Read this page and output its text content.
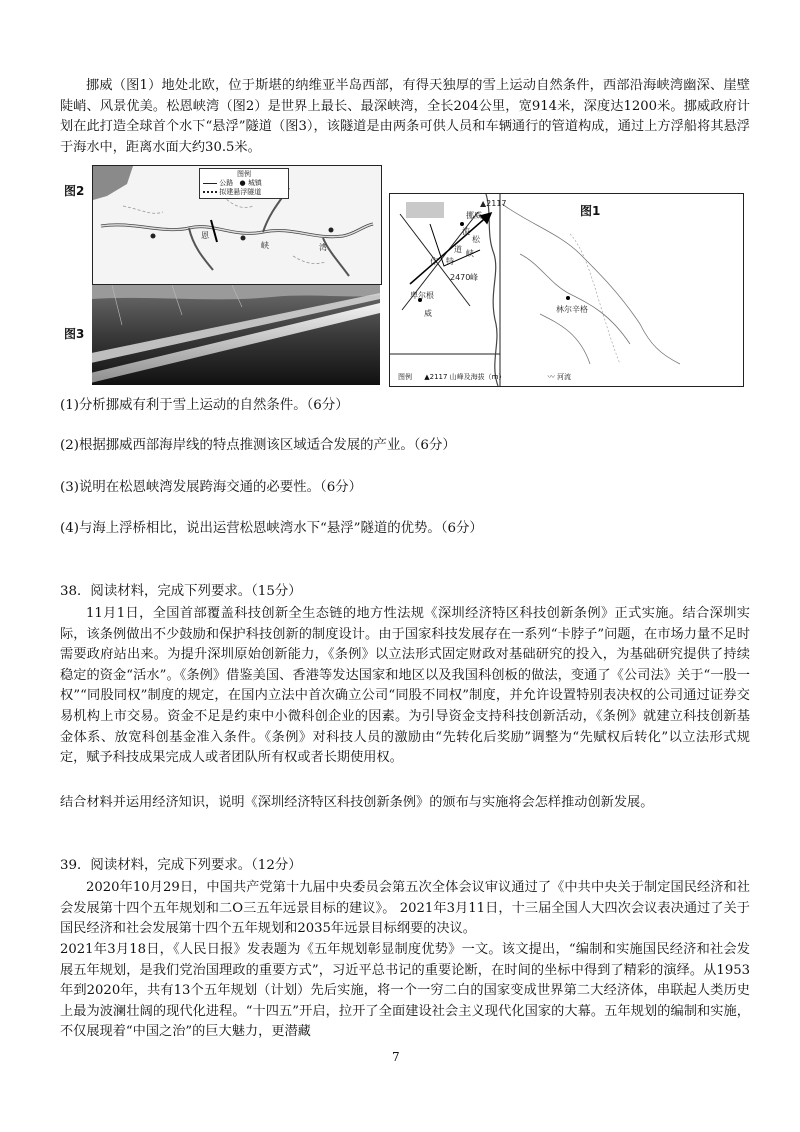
挪威（图1）地处北欧，位于斯堪的纳维亚半岛西部，有得天独厚的雪上运动自然条件，西部沿海峡湾幽深、崖壁陡峭、风景优美。松恩峡湾（图2）是世界上最长、最深峡湾，全长204公里，宽914米，深度达1200米。挪威政府计划在此打造全球首个水下“悬浮”隧道（图3），该隧道是由两条可供人员和车辆通行的管道构成，通过上方浮船将其悬浮于海水中，距离水面大约30.5米。
图2
恩
峡	湾
图例
公路 ● 城镇
拟建悬浮隧道
图3
▲2117
2470 峰
挪威
卑尔根
林尔辛格
流
松
峡
作 特
道
威
图1
图例 ▲2117 山峰及海拔（m）	〰 河流
(1)分析挪威有利于雪上运动的自然条件。（6分）
(2)根据挪威西部海岸线的特点推测该区域适合发展的产业。（6分）
(3)说明在松恩峡湾发展跨海交通的必要性。（6分）
(4)与海上浮桥相比，说出运营松恩峡湾水下“悬浮”隧道的优势。（6分）
38．阅读材料，完成下列要求。（15分）
11月1日，全国首部覆盖科技创新全生态链的地方性法规《深圳经济特区科技创新条例》正式实施。结合深圳实际，该条例做出不少鼓励和保护科技创新的制度设计。由于国家科技发展存在一系列“卡脖子”问题，在市场力量不足时需要政府站出来。为提升深圳原始创新能力，《条例》以立法形式固定财政对基础研究的投入，为基础研究提供了持续稳定的资金“活水”。《条例》借鉴美国、香港等发达国家和地区以及我国科创板的做法，变通了《公司法》关于“一股一权”“同股同权”制度的规定，在国内立法中首次确立公司“同股不同权”制度，并允许设置特别表决权的公司通过证券交易机构上市交易。资金不足是约束中小微科创企业的因素。为引导资金支持科技创新活动，《条例》就建立科技创新基金体系、放宽科创基金准入条件。《条例》对科技人员的激励由“先转化后奖励”调整为“先赋权后转化”以立法形式规定，赋予科技成果完成人或者团队所有权或者长期使用权。
结合材料并运用经济知识，说明《深圳经济特区科技创新条例》的颁布与实施将会怎样推动创新发展。
39．阅读材料，完成下列要求。（12分）
2020年10月29日，中国共产党第十九届中央委员会第五次全体会议审议通过了《中共中央关于制定国民经济和社会发展第十四个五年规划和二O三五年远景目标的建议》。 2021年3月11日，十三届全国人大四次会议表决通过了关于国民经济和社会发展第十四个五年规划和2035年远景目标纲要的决议。
2021年3月18日，《人民日报》发表题为《五年规划彰显制度优势》一文。该文提出，“编制和实施国民经济和社会发展五年规划，是我们党治国理政的重要方式”，习近平总书记的重要论断，在时间的坐标中得到了精彩的演绎。从1953年到2020年，共有13个五年规划（计划）先后实施，将一个一穷二白的国家变成世界第二大经济体，串联起人类历史上最为波澜壮阔的现代化进程。“十四五”开启，拉开了全面建设社会主义现代化国家的大幕。五年规划的编制和实施，不仅展现着“中国之治”的巨大魅力，更潜藏
7
